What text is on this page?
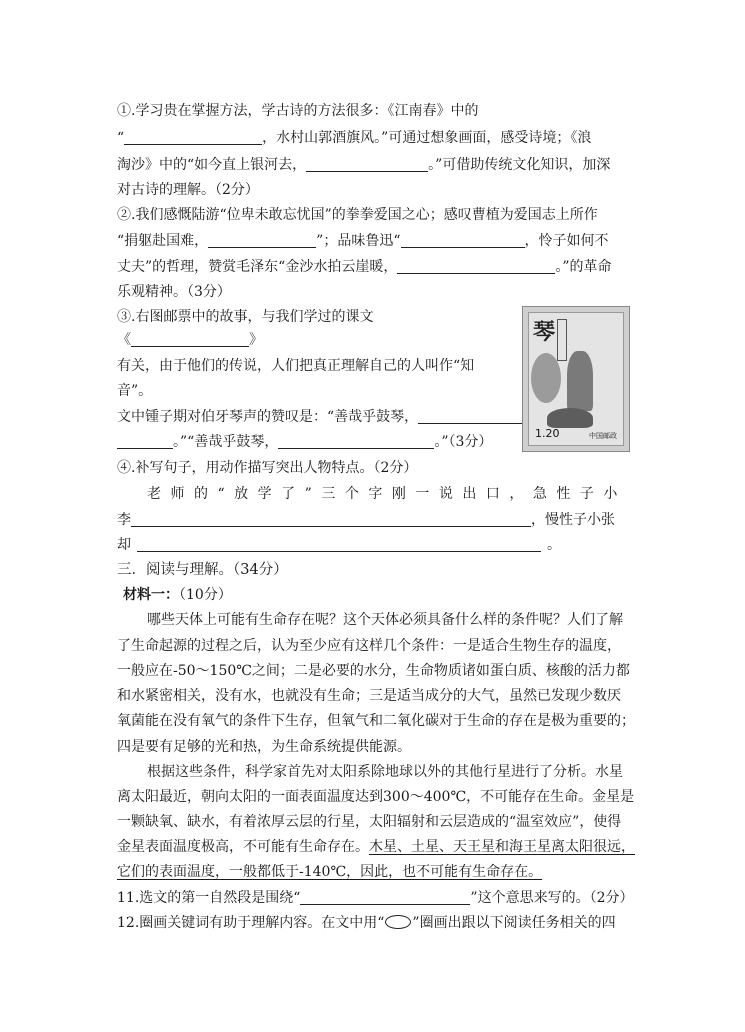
①.学习贵在掌握方法，学古诗的方法很多：《江南春》中的
“	，水村山郭酒旗风。”可通过想象画面，感受诗境；《浪
淘沙》中的“如今直上银河去，	。”可借助传统文化知识，加深
对古诗的理解。（2分）
②.我们感慨陆游“位卑未敢忘忧国”的拳拳爱国之心；感叹曹植为爱国志上所作
“捐躯赴国难，	”；品味鲁迅“	，怜子如何不
丈夫”的哲理，赞赏毛泽东“金沙水拍云崖暖，	。”的革命
乐观精神。（3分）
③.右图邮票中的故事，与我们学过的课文
《	》
有关，由于他们的传说，人们把真正理解自己的人叫作“知
音”。
文中锺子期对伯牙琴声的赞叹是：“善哉乎鼓琴，
。”“善哉乎鼓琴，	。”（3分）
琴
1.20	中国邮政
④.补写句子，用动作描写突出人物特点。（2分）
老师的“放学了”三个字刚一说出口，急性子小
李	，慢性子小张
却	。
三．阅读与理解。（34分）
材料一：（10分）
哪些天体上可能有生命存在呢？这个天体必须具备什么样的条件呢？人们了解
了生命起源的过程之后，认为至少应有这样几个条件：一是适合生物生存的温度，
一般应在-50～150℃之间；二是必要的水分，生命物质诸如蛋白质、核酸的活力都
和水紧密相关，没有水，也就没有生命；三是适当成分的大气，虽然已发现少数厌
氧菌能在没有氧气的条件下生存，但氧气和二氧化碳对于生命的存在是极为重要的；
四是要有足够的光和热，为生命系统提供能源。
根据这些条件，科学家首先对太阳系除地球以外的其他行星进行了分析。水星
离太阳最近，朝向太阳的一面表面温度达到300～400℃，不可能存在生命。金星是
一颗缺氧、缺水，有着浓厚云层的行星，太阳辐射和云层造成的“温室效应”，使得
金星表面温度极高，不可能有生命存在。木星、土星、天王星和海王星离太阳很远，
它们的表面温度，一般都低于-140℃，因此，也不可能有生命存在。
11.选文的第一自然段是围绕“	”这个意思来写的。（2分）
12.圈画关键词有助于理解内容。在文中用“○”圈画出跟以下阅读任务相关的四
